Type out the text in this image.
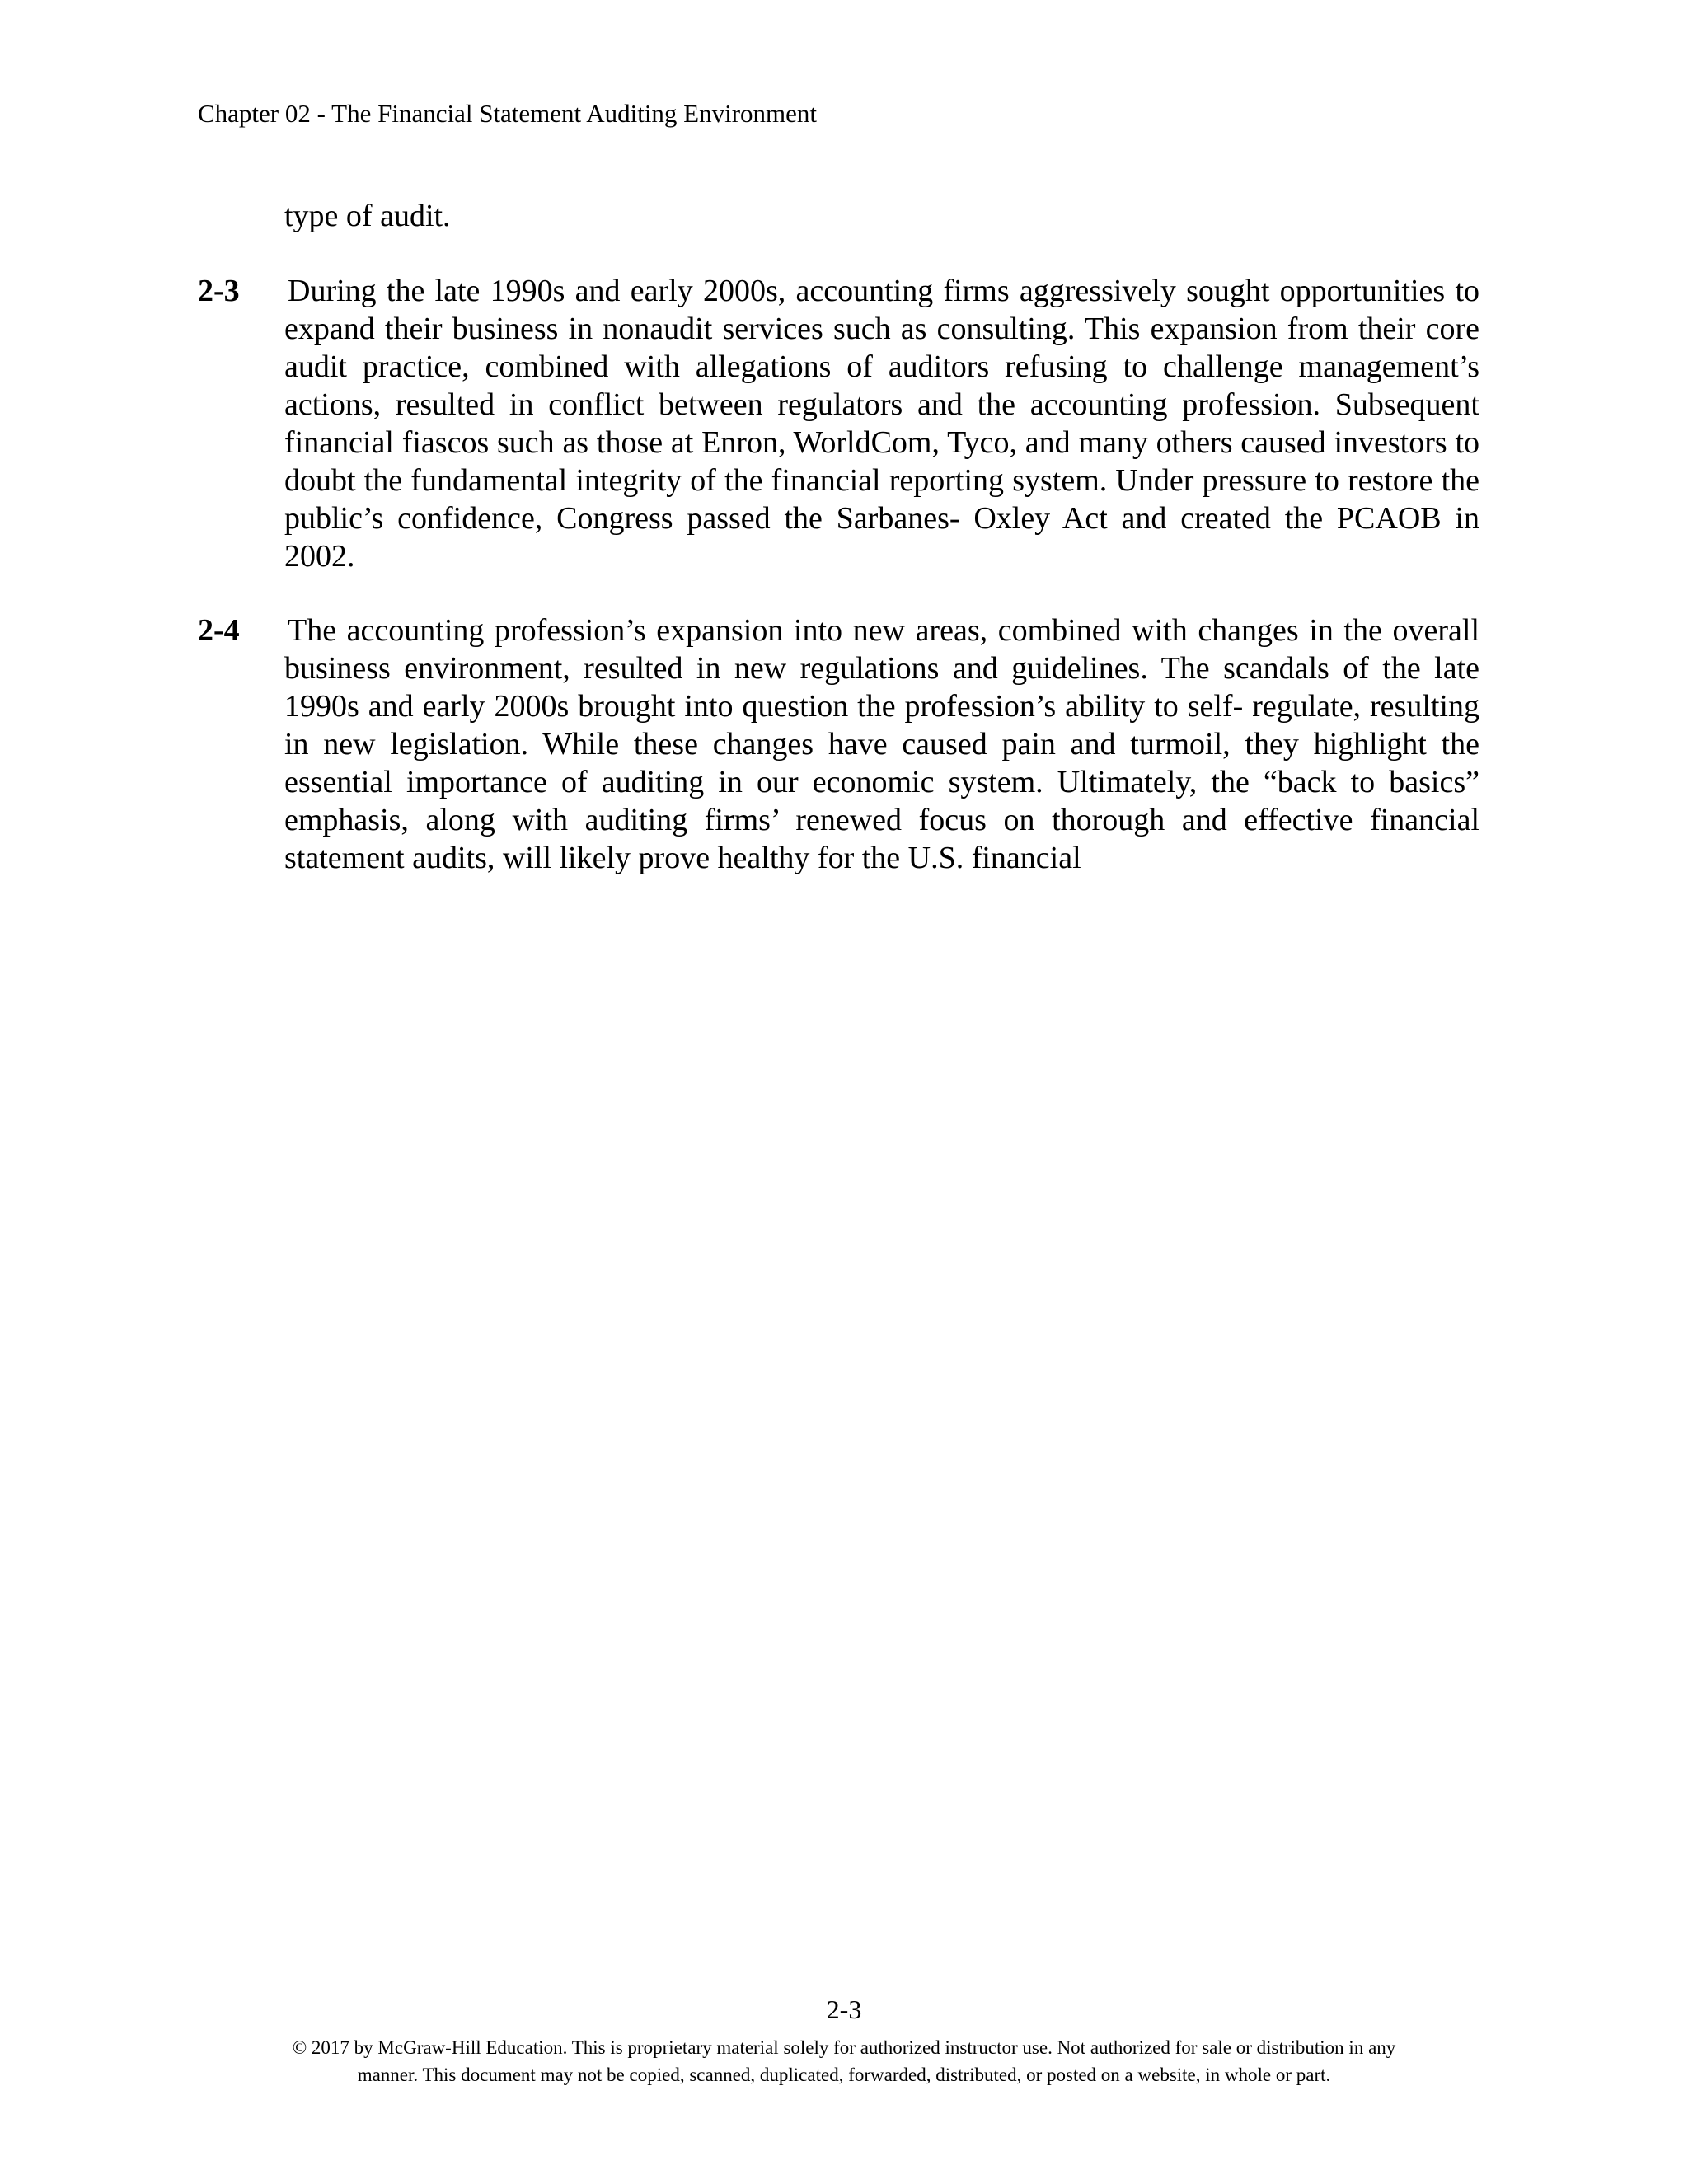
Chapter 02 - The Financial Statement Auditing Environment
type of audit.
2-3 During the late 1990s and early 2000s, accounting firms aggressively sought opportunities to expand their business in nonaudit services such as consulting. This expansion from their core audit practice, combined with allegations of auditors refusing to challenge management’s actions, resulted in conflict between regulators and the accounting profession. Subsequent financial fiascos such as those at Enron, WorldCom, Tyco, and many others caused investors to doubt the fundamental integrity of the financial reporting system. Under pressure to restore the public’s confidence, Congress passed the Sarbanes- Oxley Act and created the PCAOB in 2002.
2-4 The accounting profession’s expansion into new areas, combined with changes in the overall business environment, resulted in new regulations and guidelines. The scandals of the late 1990s and early 2000s brought into question the profession’s ability to self- regulate, resulting in new legislation. While these changes have caused pain and turmoil, they highlight the essential importance of auditing in our economic system. Ultimately, the “back to basics” emphasis, along with auditing firms’ renewed focus on thorough and effective financial statement audits, will likely prove healthy for the U.S. financial
2-3
© 2017 by McGraw-Hill Education. This is proprietary material solely for authorized instructor use. Not authorized for sale or distribution in any
manner. This document may not be copied, scanned, duplicated, forwarded, distributed, or posted on a website, in whole or part.
